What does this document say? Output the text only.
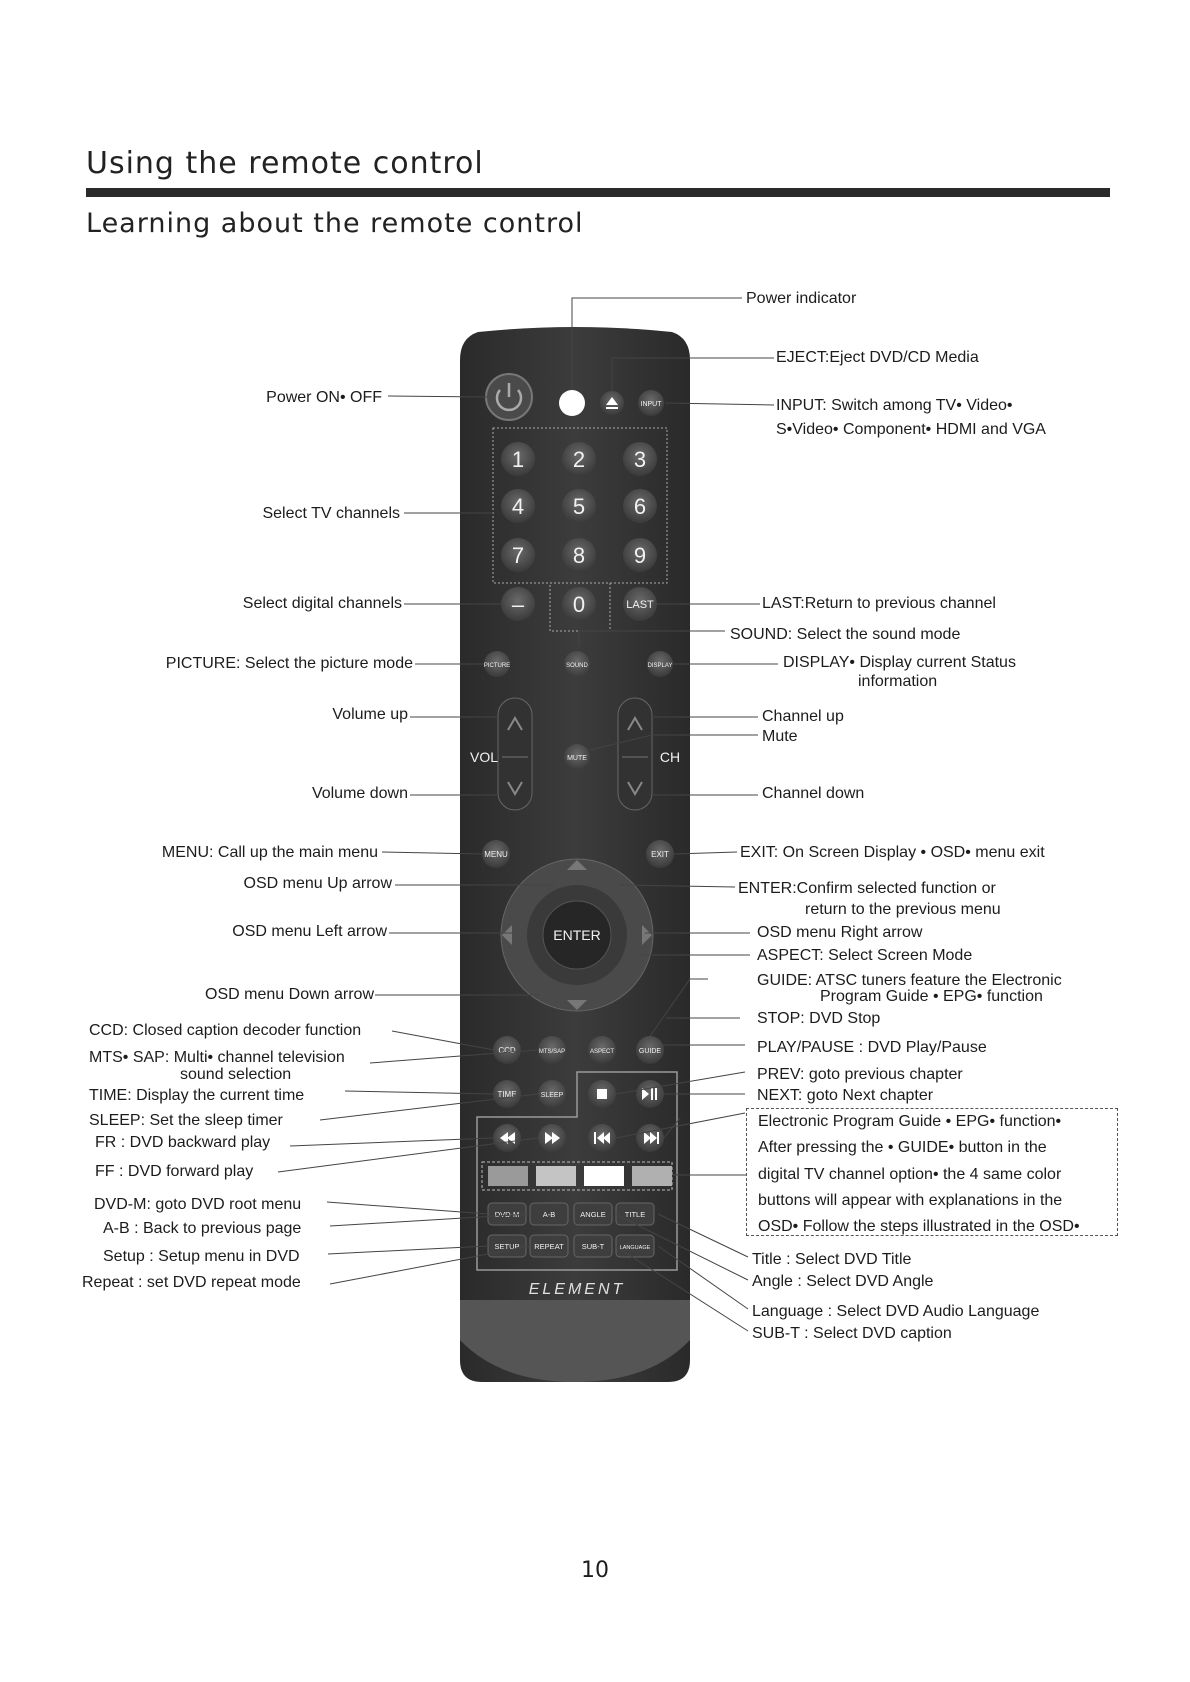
Using the remote control
Learning about the remote control
INPUT
1 2 3
4 5 6
7 8 9
– 0	LAST
PICTURE	SOUND	DISPLAY
VOL	CH
MUTE
MENU	EXIT
ENTER
CCD	MTS/SAP	ASPECT	GUIDE
TIME	SLEEP
DVD-M	A-B	ANGLE	TITLE
SETUP REPEAT SUB-T	LANGUAGE
ELEMENT
Power ON• OFF
Select TV channels
Select digital channels
PICTURE: Select the picture mode
Volume up
Volume down
MENU: Call up the main menu
OSD menu Up arrow
OSD menu Left arrow
OSD menu Down arrow
CCD: Closed caption decoder function
MTS• SAP: Multi• channel television
sound selection
TIME: Display the current time
SLEEP: Set the sleep timer
FR : DVD backward play
FF : DVD forward play
DVD-M: goto DVD root menu
A-B : Back to previous page
Setup : Setup menu in DVD
Repeat : set DVD repeat mode
Power indicator
EJECT:Eject DVD/CD Media
INPUT: Switch among TV• Video•
S•Video• Component• HDMI and VGA
LAST:Return to previous channel
SOUND: Select the sound mode
DISPLAY• Display current Status
information
Channel up
Mute
Channel down
EXIT: On Screen Display • OSD• menu exit
ENTER:Confirm selected function or
return to the previous menu
OSD menu Right arrow
ASPECT: Select Screen Mode
GUIDE: ATSC tuners feature the Electronic
Program Guide • EPG• function
STOP: DVD Stop
PLAY/PAUSE : DVD Play/Pause
PREV: goto previous chapter
NEXT: goto Next chapter
Electronic Program Guide • EPG• function•
After pressing the • GUIDE• button in the
digital TV channel option• the 4 same color
buttons will appear with explanations in the
OSD• Follow the steps illustrated in the OSD•
Title : Select DVD Title
Angle : Select DVD Angle
Language : Select DVD Audio Language
SUB-T : Select DVD caption
10
